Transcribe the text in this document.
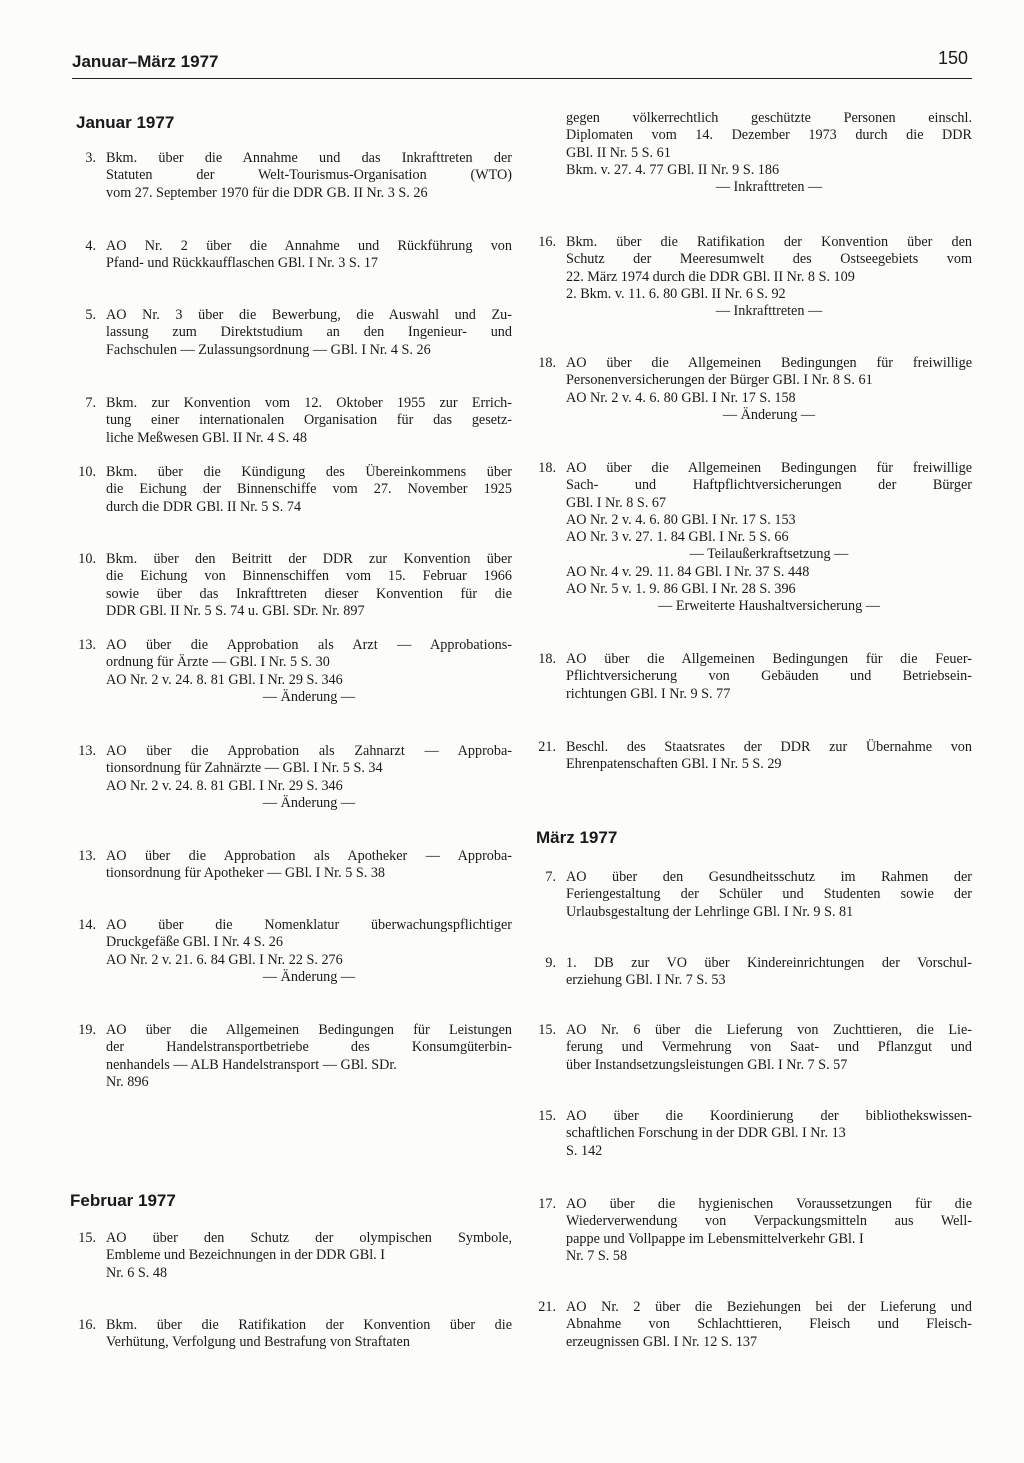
Januar–März 1977	150
Januar 1977
Februar 1977
März 1977
3. Bkm. über die Annahme und das Inkrafttreten der
Statuten der Welt-Tourismus-Organisation (WTO)
vom 27. September 1970 für die DDR GB. II Nr. 3 S. 26
4. AO Nr. 2 über die Annahme und Rückführung von
Pfand- und Rückkaufflaschen GBl. I Nr. 3 S. 17
5. AO Nr. 3 über die Bewerbung, die Auswahl und Zu-
lassung zum Direktstudium an den Ingenieur- und
Fachschulen — Zulassungsordnung — GBl. I Nr. 4 S. 26
7. Bkm. zur Konvention vom 12. Oktober 1955 zur Errich-
tung einer internationalen Organisation für das gesetz-
liche Meßwesen GBl. II Nr. 4 S. 48
10. Bkm. über die Kündigung des Übereinkommens über
die Eichung der Binnenschiffe vom 27. November 1925
durch die DDR GBl. II Nr. 5 S. 74
10. Bkm. über den Beitritt der DDR zur Konvention über
die Eichung von Binnenschiffen vom 15. Februar 1966
sowie über das Inkrafttreten dieser Konvention für die
DDR GBl. II Nr. 5 S. 74 u. GBl. SDr. Nr. 897
13. AO über die Approbation als Arzt — Approbations-
ordnung für Ärzte — GBl. I Nr. 5 S. 30
AO Nr. 2 v. 24. 8. 81 GBl. I Nr. 29 S. 346
— Änderung —
13. AO über die Approbation als Zahnarzt — Approba-
tionsordnung für Zahnärzte — GBl. I Nr. 5 S. 34
AO Nr. 2 v. 24. 8. 81 GBl. I Nr. 29 S. 346
— Änderung —
13. AO über die Approbation als Apotheker — Approba-
tionsordnung für Apotheker — GBl. I Nr. 5 S. 38
14. AO über die Nomenklatur überwachungspflichtiger
Druckgefäße GBl. I Nr. 4 S. 26
AO Nr. 2 v. 21. 6. 84 GBl. I Nr. 22 S. 276
— Änderung —
19. AO über die Allgemeinen Bedingungen für Leistungen
der Handelstransportbetriebe des Konsumgüterbin-
nenhandels — ALB Handelstransport — GBl. SDr.
Nr. 896
15. AO über den Schutz der olympischen Symbole,
Embleme und Bezeichnungen in der DDR GBl. I
Nr. 6 S. 48
16. Bkm. über die Ratifikation der Konvention über die
Verhütung, Verfolgung und Bestrafung von Straftaten
gegen völkerrechtlich geschützte Personen einschl.
Diplomaten vom 14. Dezember 1973 durch die DDR
GBl. II Nr. 5 S. 61
Bkm. v. 27. 4. 77 GBl. II Nr. 9 S. 186
— Inkrafttreten —
16. Bkm. über die Ratifikation der Konvention über den
Schutz der Meeresumwelt des Ostseegebiets vom
22. März 1974 durch die DDR GBl. II Nr. 8 S. 109
2. Bkm. v. 11. 6. 80 GBl. II Nr. 6 S. 92
— Inkrafttreten —
18. AO über die Allgemeinen Bedingungen für freiwillige
Personenversicherungen der Bürger GBl. I Nr. 8 S. 61
AO Nr. 2 v. 4. 6. 80 GBl. I Nr. 17 S. 158
— Änderung —
18. AO über die Allgemeinen Bedingungen für freiwillige
Sach- und Haftpflichtversicherungen der Bürger
GBl. I Nr. 8 S. 67
AO Nr. 2 v. 4. 6. 80 GBl. I Nr. 17 S. 153
AO Nr. 3 v. 27. 1. 84 GBl. I Nr. 5 S. 66
— Teilaußerkraftsetzung —
AO Nr. 4 v. 29. 11. 84 GBl. I Nr. 37 S. 448
AO Nr. 5 v. 1. 9. 86 GBl. I Nr. 28 S. 396
— Erweiterte Haushaltversicherung —
18. AO über die Allgemeinen Bedingungen für die Feuer-
Pflichtversicherung von Gebäuden und Betriebsein-
richtungen GBl. I Nr. 9 S. 77
21. Beschl. des Staatsrates der DDR zur Übernahme von
Ehrenpatenschaften GBl. I Nr. 5 S. 29
7. AO über den Gesundheitsschutz im Rahmen der
Feriengestaltung der Schüler und Studenten sowie der
Urlaubsgestaltung der Lehrlinge GBl. I Nr. 9 S. 81
9. 1. DB zur VO über Kindereinrichtungen der Vorschul-
erziehung GBl. I Nr. 7 S. 53
15. AO Nr. 6 über die Lieferung von Zuchttieren, die Lie-
ferung und Vermehrung von Saat- und Pflanzgut und
über Instandsetzungsleistungen GBl. I Nr. 7 S. 57
15. AO über die Koordinierung der bibliothekswissen-
schaftlichen Forschung in der DDR GBl. I Nr. 13
S. 142
17. AO über die hygienischen Voraussetzungen für die
Wiederverwendung von Verpackungsmitteln aus Well-
pappe und Vollpappe im Lebensmittelverkehr GBl. I
Nr. 7 S. 58
21. AO Nr. 2 über die Beziehungen bei der Lieferung und
Abnahme von Schlachttieren, Fleisch und Fleisch-
erzeugnissen GBl. I Nr. 12 S. 137
